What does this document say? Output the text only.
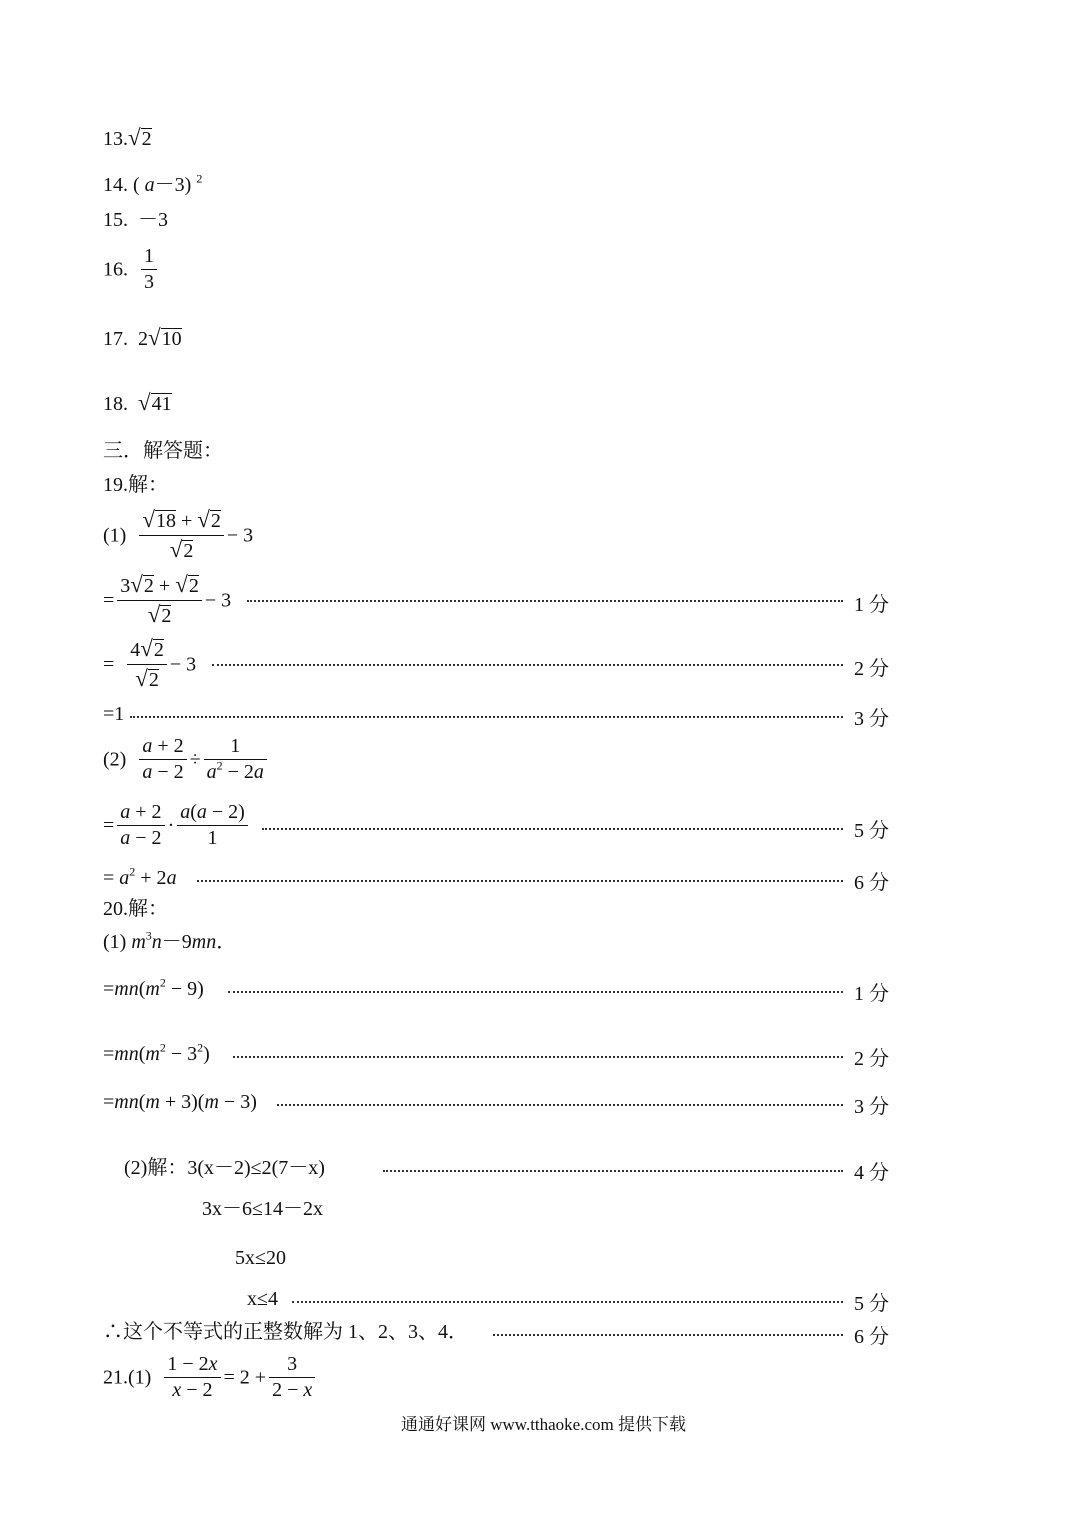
13.√2
14. ( a－3) $^2$
15.  －3
16. $\frac{1}{3}$
17.  2√10
18. √41
三．解答题：
19.解：
$(1) \frac{√18 + √2}{√2} - 3$
= $\frac{3√2 + √2}{√2} - 3$	1 分
= $\frac{4√2}{√2} - 3$	2 分
=1	3 分
$(2) \frac{a + 2}{a - 2} \div \frac{1}{a^2 - 2a}$
= $\frac{a + 2}{a - 2} \cdot \frac{a(a - 2)}{1}$	5 分
= $a^2 + 2a$	6 分
20.解：
(1) $m^3n-9mn$．
$=mn(m^2 - 9)$	1 分
$=mn(m^2 - 3^2)$	2 分
=mn(m + 3)(m − 3)	3 分
(2)解：3(x－2)≤2(7－x)	4 分
3x－6≤14－2x
5x≤20
x≤4	5 分
∴这个不等式的正整数解为 1、2、3、4．	6 分
$21.(1) \frac{1 - 2x}{x - 2} = 2 + \frac{3}{2 - x}$
通通好课网 www.tthaoke.com 提供下载
